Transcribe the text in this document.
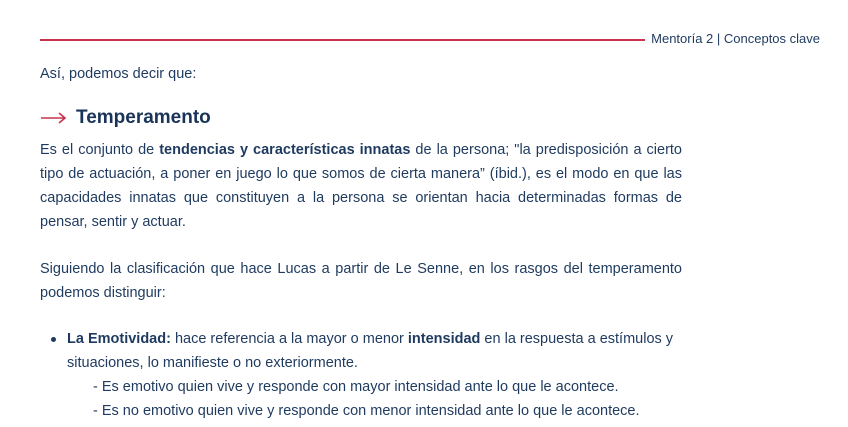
Mentoría 2 | Conceptos clave
Así, podemos decir que:
Temperamento

Es el conjunto de tendencias y características innatas de la persona; "la predisposición a cierto tipo de actuación, a poner en juego lo que somos de cierta manera” (íbid.), es el modo en que las capacidades innatas que constituyen a la persona se orientan hacia determinadas formas de pensar, sentir y actuar.

Siguiendo la clasificación que hace Lucas a partir de Le Senne, en los rasgos del temperamento podemos distinguir:

La Emotividad: hace referencia a la mayor o menor intensidad en la respuesta a estímulos y situaciones, lo manifieste o no exteriormente.
- Es emotivo quien vive y responde con mayor intensidad ante lo que le acontece.
- Es no emotivo quien vive y responde con menor intensidad ante lo que le acontece.
